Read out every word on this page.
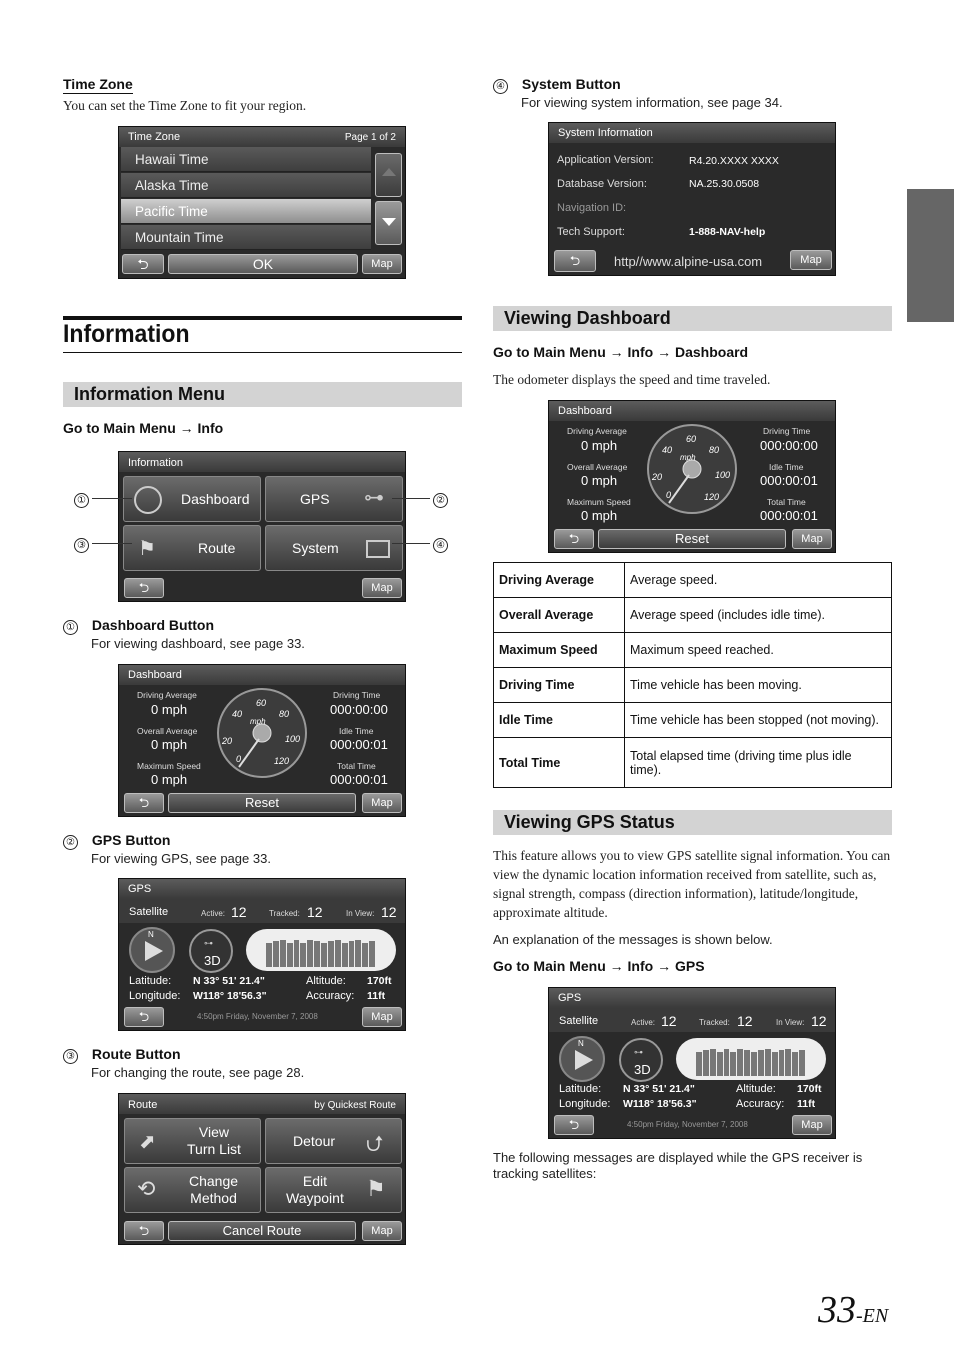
Time Zone
You can set the Time Zone to fit your region.
Time Zone	Page 1 of 2
Hawaii Time
Alaska Time
Pacific Time
Mountain Time
⮌	OK	Map
Information
Information Menu
Go to Main Menu → Info
Information
Dashboard	GPS ⊶
⚑	Route	System
⮌	Map
①	②
③	④
① Dashboard Button
For viewing dashboard, see page 33.
Dashboard
Driving Average
0 mph
Overall Average
0 mph
Maximum Speed
0 mph
Driving Time
000:00:00
Idle Time
000:00:01
Total Time
000:00:01
mph
0
20
40
60
80
100
120
⮌	Reset	Map
② GPS Button
For viewing GPS, see page 33.
GPS
Satellite	Active: 12	Tracked: 12	In View: 12
N
⊶
3D
Latitude: N 33° 51' 21.4"
Longitude: W118° 18'56.3"
Altitude: 170ft
Accuracy: 11ft
⮌	4:50pm Friday, November 7, 2008	Map
③ Route Button
For changing the route, see page 28.
Route	by Quickest Route
⬈	View
Turn List	Detour ⮍
⟲ Change
Method
Edit
Waypoint ⚑
⮌	Cancel Route	Map
④ System Button
For viewing system information, see page 34.
System Information
Application Version:	R4.20.XXXX XXXX
Database Version:	NA.25.30.0508
Navigation ID:
Tech Support:	1-888-NAV-help
⮌	http//www.alpine-usa.com	Map
Viewing Dashboard
Go to Main Menu → Info → Dashboard
The odometer displays the speed and time traveled.
Dashboard
Driving Average
0 mph
Overall Average
0 mph
Maximum Speed
0 mph
Driving Time
000:00:00
Idle Time
000:00:01
Total Time
000:00:01
mph
0
20
40
60
80
100
120
⮌	Reset	Map
Driving Average	Average speed.
Overall Average	Average speed (includes idle time).
Maximum Speed	Maximum speed reached.
Driving Time	Time vehicle has been moving.
Idle Time	Time vehicle has been stopped (not moving).
Total Time	Total elapsed time (driving time plus idle time).
Viewing GPS Status
This feature allows you to view GPS satellite signal information. You can view the dynamic location information received from satellite, such as, signal strength, compass (direction information), latitude/longitude, approximate altitude.
An explanation of the messages is shown below.
Go to Main Menu → Info → GPS
GPS
Satellite	Active: 12	Tracked: 12	In View: 12
N
⊶
3D
Latitude: N 33° 51' 21.4"
Longitude: W118° 18'56.3"
Altitude: 170ft
Accuracy: 11ft
⮌	4:50pm Friday, November 7, 2008	Map
The following messages are displayed while the GPS receiver is tracking satellites:
33-EN
